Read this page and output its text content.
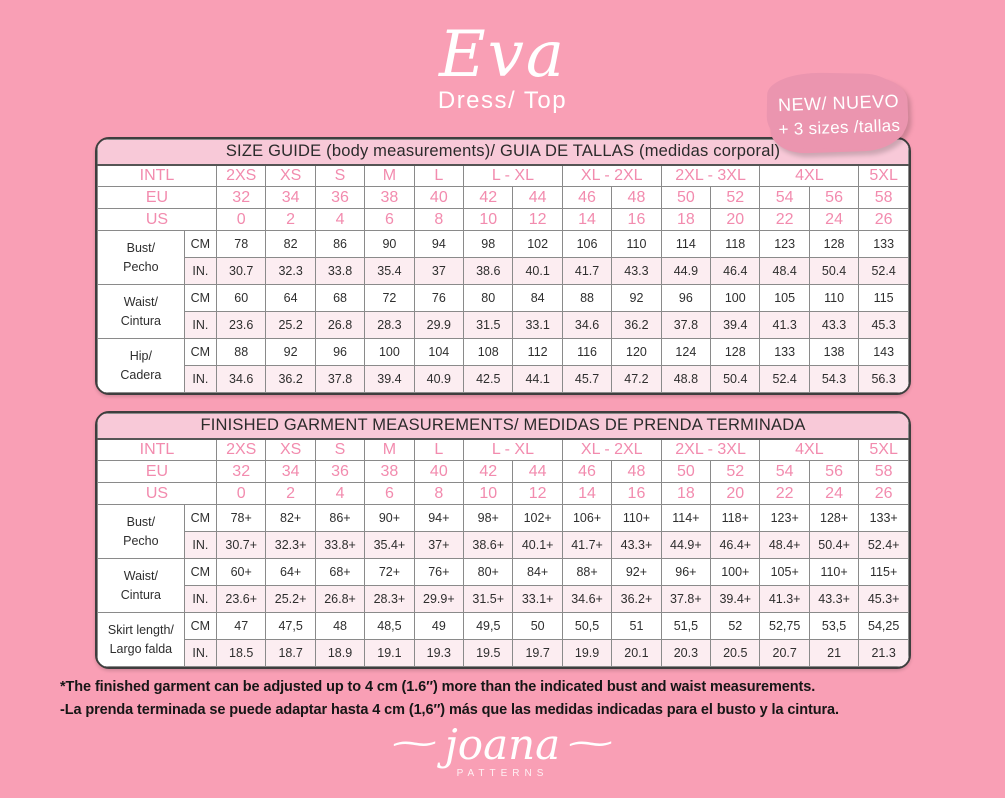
Eva
Dress/ Top	NEW/ NUEVO
+ 3 sizes /tallas
SIZE GUIDE (body measurements)/ GUIA DE TALLAS (medidas corporal)															
INTL		2XS	XS	S	M	L	L - XL		XL - 2XL		2XL - 3XL		4XL		5XL
EU		32	34	36	38	40	42	44	46	48	50	52	54	56	58
US		0	2	4	6	8	10	12	14	16	18	20	22	24	26
Bust/
Pecho	CM	78	82	86	90	94	98	102	106	110	114	118	123	128	133
	IN.	30.7	32.3	33.8	35.4	37	38.6	40.1	41.7	43.3	44.9	46.4	48.4	50.4	52.4
Waist/
Cintura	CM	60	64	68	72	76	80	84	88	92	96	100	105	110	115
	IN.	23.6	25.2	26.8	28.3	29.9	31.5	33.1	34.6	36.2	37.8	39.4	41.3	43.3	45.3
Hip/
Cadera	CM	88	92	96	100	104	108	112	116	120	124	128	133	138	143
	IN.	34.6	36.2	37.8	39.4	40.9	42.5	44.1	45.7	47.2	48.8	50.4	52.4	54.3	56.3
FINISHED GARMENT MEASUREMENTS/ MEDIDAS DE PRENDA TERMINADA															
INTL		2XS	XS	S	M	L	L - XL		XL - 2XL		2XL - 3XL		4XL		5XL
EU		32	34	36	38	40	42	44	46	48	50	52	54	56	58
US		0	2	4	6	8	10	12	14	16	18	20	22	24	26
Bust/
Pecho	CM	78+	82+	86+	90+	94+	98+	102+	106+	110+	114+	118+	123+	128+	133+
	IN.	30.7+	32.3+	33.8+	35.4+	37+	38.6+	40.1+	41.7+	43.3+	44.9+	46.4+	48.4+	50.4+	52.4+
Waist/
Cintura	CM	60+	64+	68+	72+	76+	80+	84+	88+	92+	96+	100+	105+	110+	115+
	IN.	23.6+	25.2+	26.8+	28.3+	29.9+	31.5+	33.1+	34.6+	36.2+	37.8+	39.4+	41.3+	43.3+	45.3+
Skirt length/
Largo falda	CM	47	47,5	48	48,5	49	49,5	50	50,5	51	51,5	52	52,75	53,5	54,25
	IN.	18.5	18.7	18.9	19.1	19.3	19.5	19.7	19.9	20.1	20.3	20.5	20.7	21	21.3
*The finished garment can be adjusted up to 4 cm (1.6″) more than the indicated bust and waist measurements.
-La prenda terminada se puede adaptar hasta 4 cm (1,6″) más que las medidas indicadas para el busto y la cintura.
~joana~
PATTERNS
